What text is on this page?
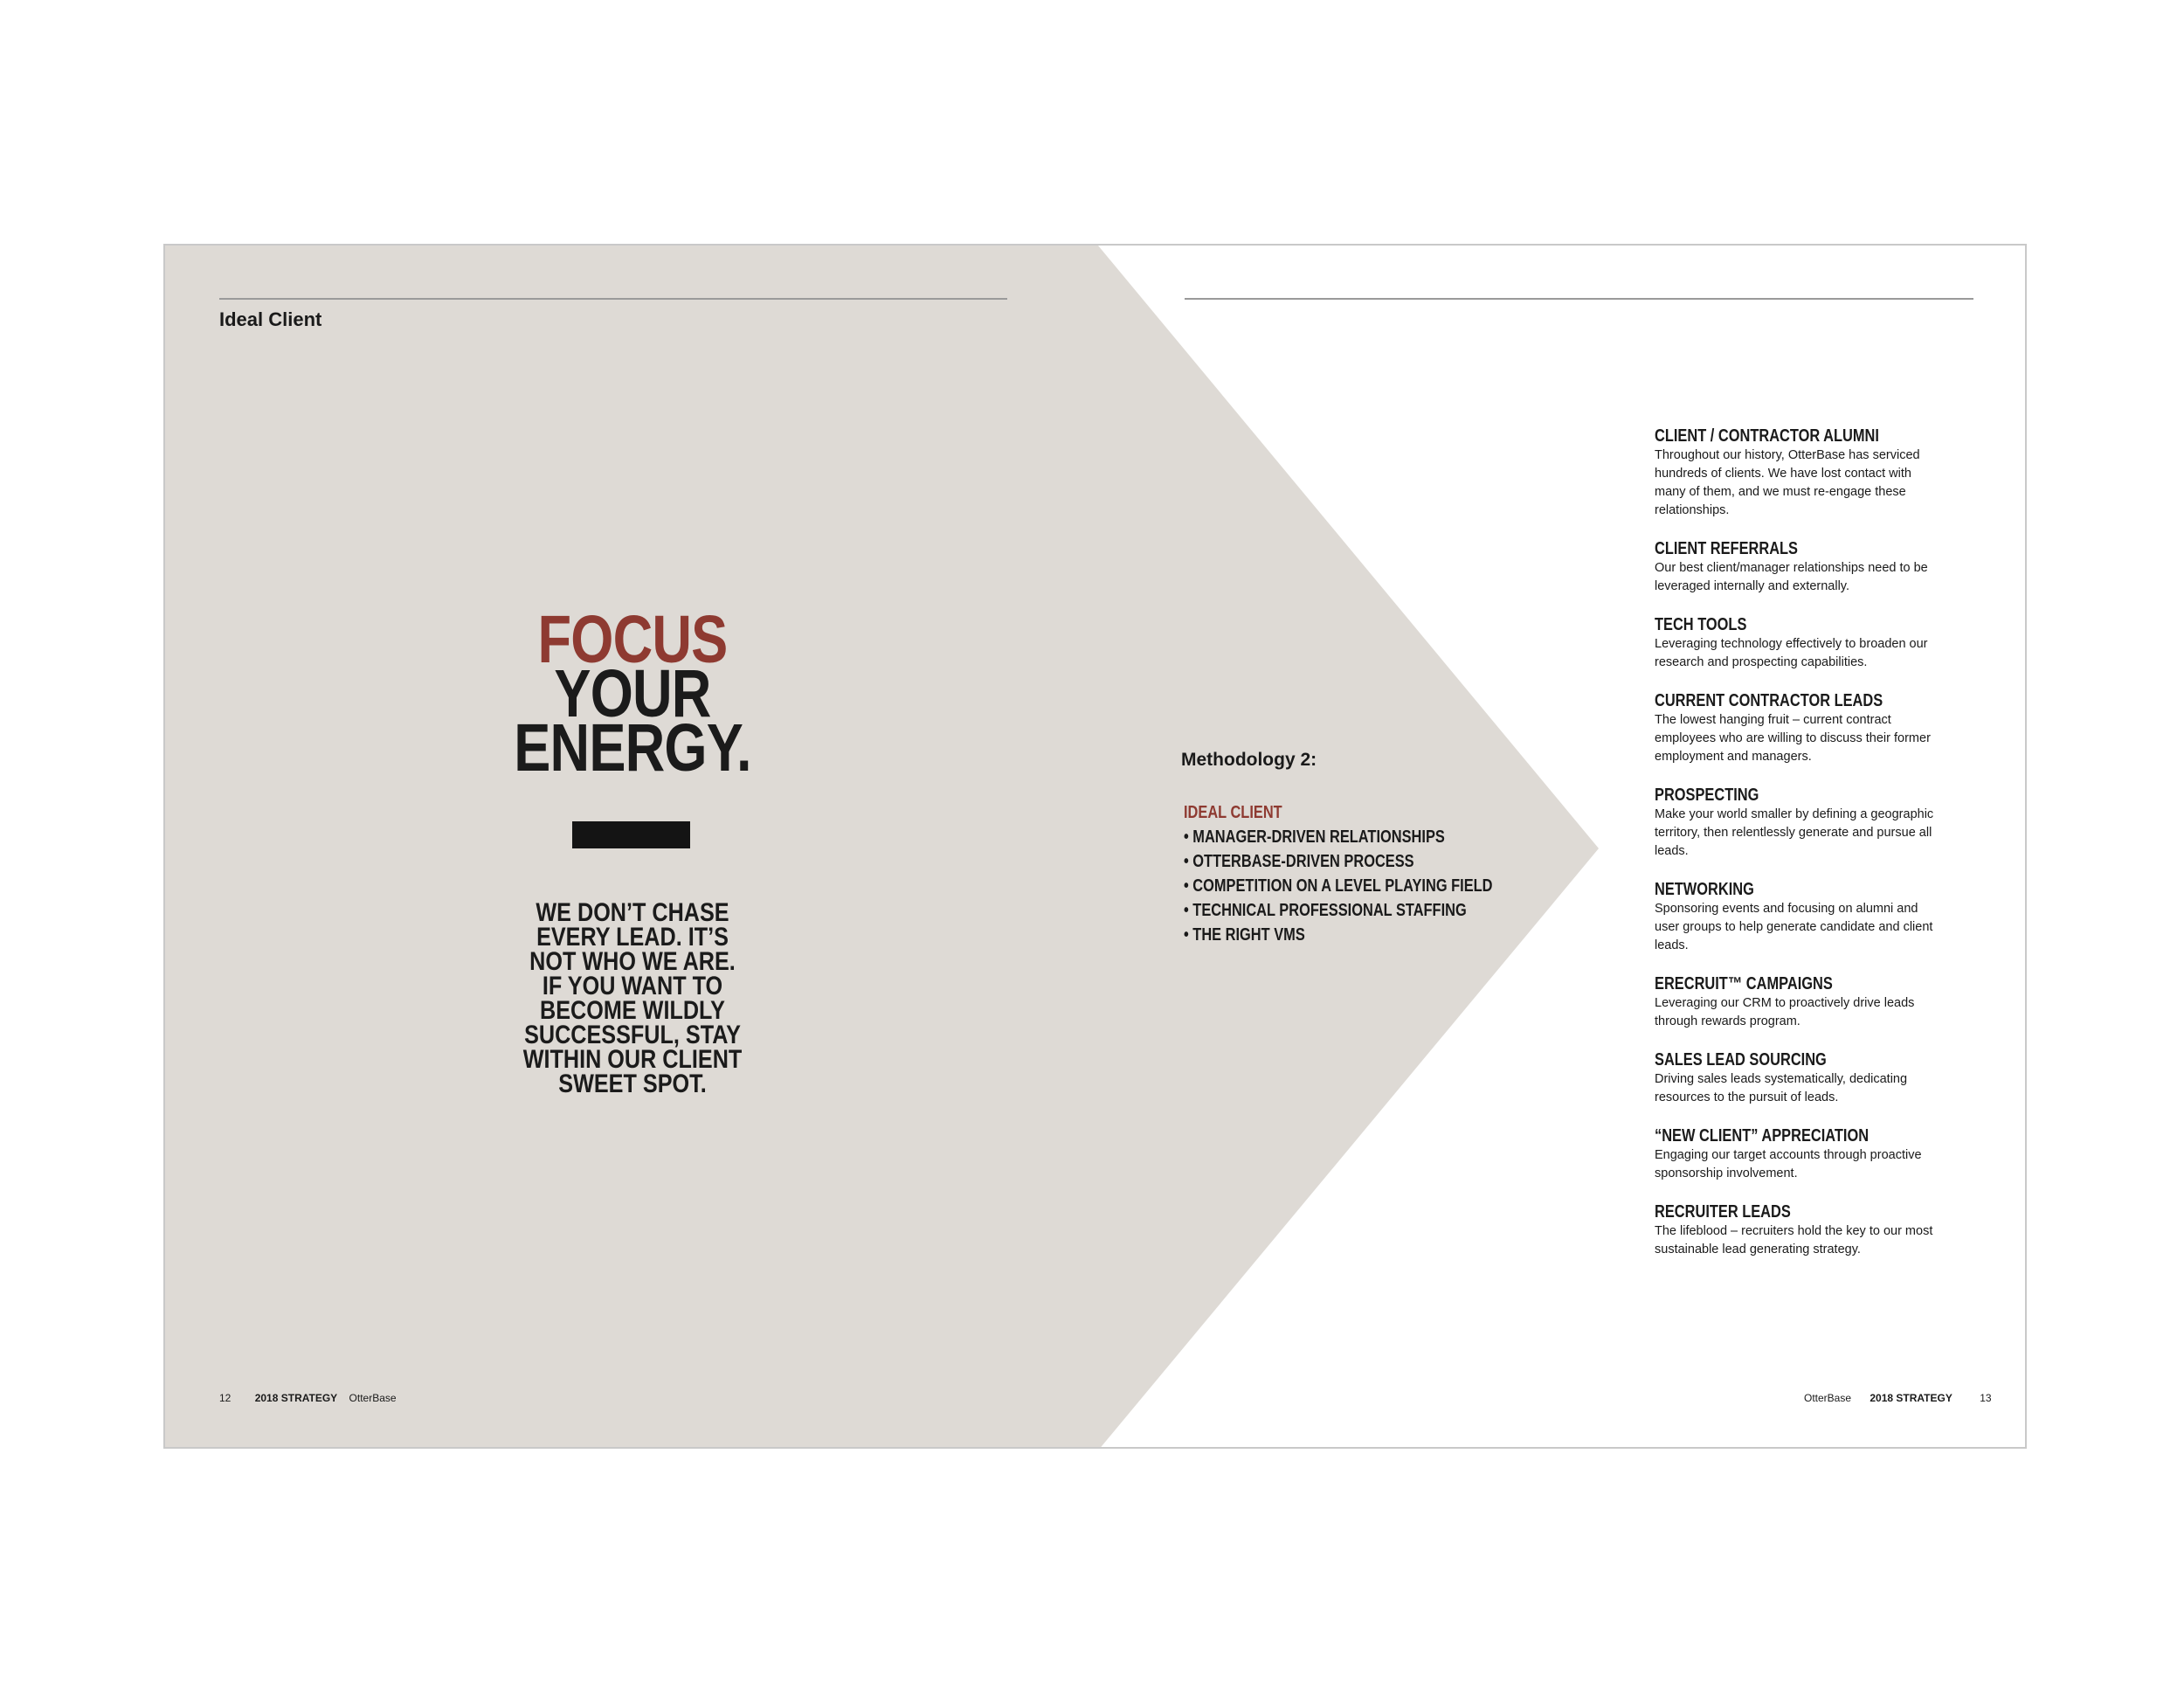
Ideal Client
FOCUS
YOUR
ENERGY.
WE DON’T CHASE
EVERY LEAD. IT’S
NOT WHO WE ARE.
IF YOU WANT TO
BECOME WILDLY
SUCCESSFUL, STAY
WITHIN OUR CLIENT
SWEET SPOT.
12 2018 STRATEGY OtterBase
Methodology 2:
IDEAL CLIENT
• MANAGER-DRIVEN RELATIONSHIPS
• OTTERBASE-DRIVEN PROCESS
• COMPETITION ON A LEVEL PLAYING FIELD
• TECHNICAL PROFESSIONAL STAFFING
• THE RIGHT VMS
CLIENT / CONTRACTOR ALUMNI
Throughout our history, OtterBase has serviced hundreds of clients. We have lost contact with many of them, and we must re-engage these relationships.
CLIENT REFERRALS
Our best client/manager relationships need to be leveraged internally and externally.
TECH TOOLS
Leveraging technology effectively to broaden our research and prospecting capabilities.
CURRENT CONTRACTOR LEADS
The lowest hanging fruit – current contract employees who are willing to discuss their former employment and managers.
PROSPECTING
Make your world smaller by defining a geographic territory, then relentlessly generate and pursue all leads.
NETWORKING
Sponsoring events and focusing on alumni and user groups to help generate candidate and client leads.
ERECRUIT™ CAMPAIGNS
Leveraging our CRM to proactively drive leads through rewards program.
SALES LEAD SOURCING
Driving sales leads systematically, dedicating resources to the pursuit of leads.
“NEW CLIENT” APPRECIATION
Engaging our target accounts through proactive sponsorship involvement.
RECRUITER LEADS
The lifeblood – recruiters hold the key to our most sustainable lead generating strategy.
OtterBase 2018 STRATEGY	13
